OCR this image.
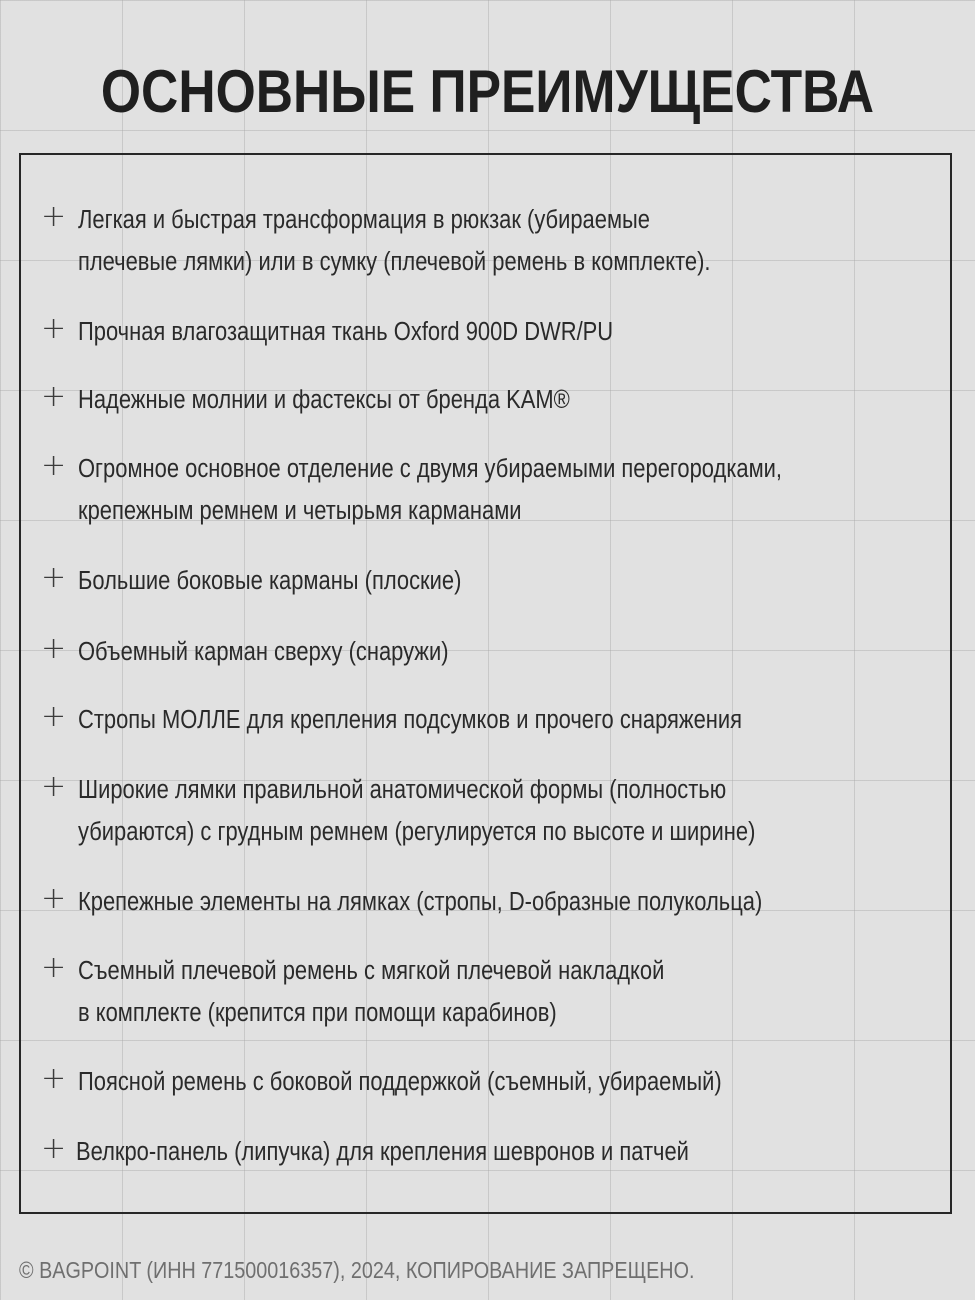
ОСНОВНЫЕ ПРЕИМУЩЕСТВА
+ Легкая и быстрая трансформация в рюкзак (убираемые
плечевые лямки) или в сумку (плечевой ремень в комплекте).
+ Прочная влагозащитная ткань Oxford 900D DWR/PU
+ Надежные молнии и фастексы от бренда KAM®
+ Огромное основное отделение с двумя убираемыми перегородками,
крепежным ремнем и четырьмя карманами
+ Большие боковые карманы (плоские)
+ Объемный карман сверху (снаружи)
+ Стропы МОЛЛЕ для крепления подсумков и прочего снаряжения
+ Широкие лямки правильной анатомической формы (полностью
убираются) с грудным ремнем (регулируется по высоте и ширине)
+ Крепежные элементы на лямках (стропы, D-образные полукольца)
+ Съемный плечевой ремень с мягкой плечевой накладкой
в комплекте (крепится при помощи карабинов)
+ Поясной ремень с боковой поддержкой (съемный, убираемый)
+ Велкро-панель (липучка) для крепления шевронов и патчей
© BAGPOINT (ИНН 771500016357), 2024, КОПИРОВАНИЕ ЗАПРЕЩЕНО.
